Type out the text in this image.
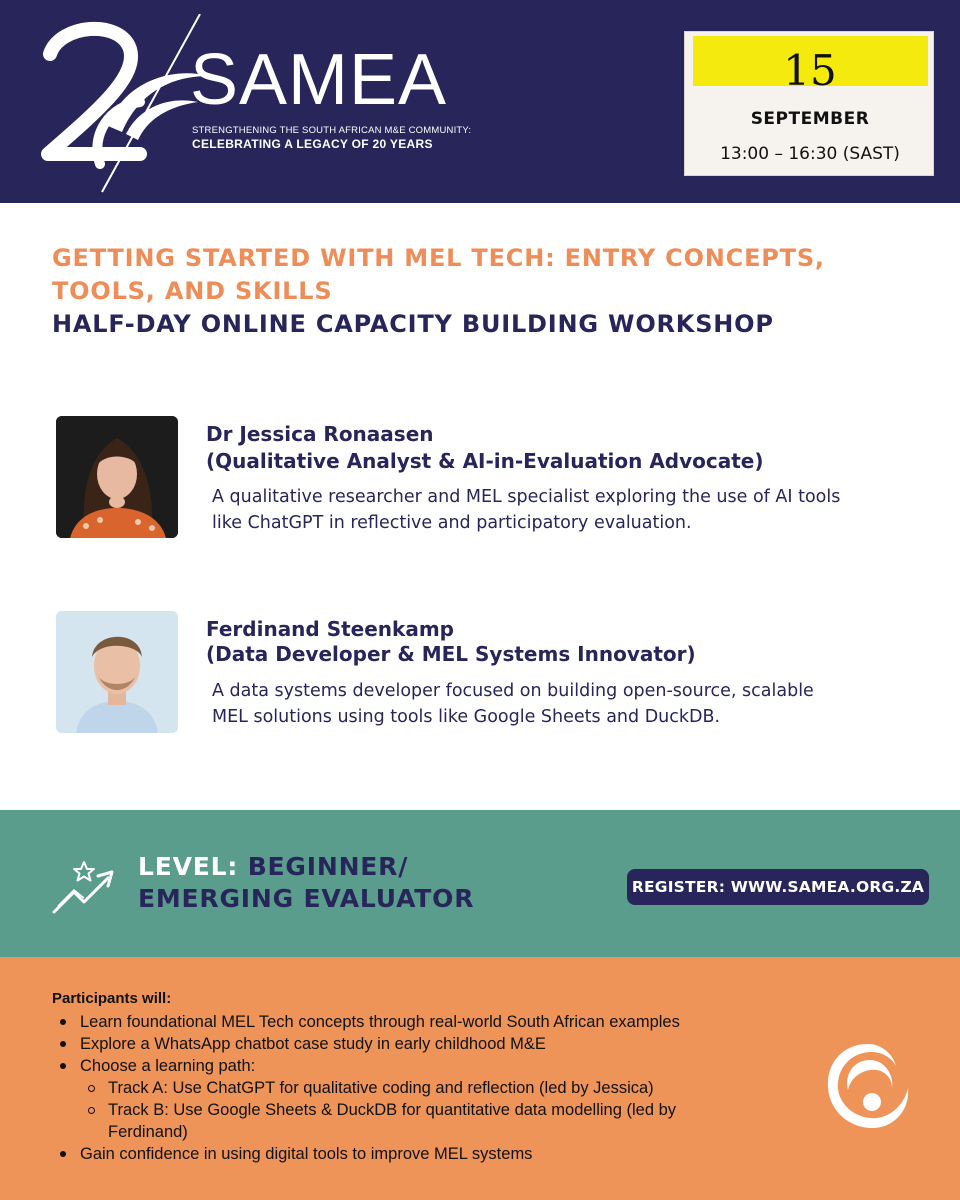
SAMEA
STRENGTHENING THE SOUTH AFRICAN M&E COMMUNITY:
CELEBRATING A LEGACY OF 20 YEARS
15
SEPTEMBER
13:00 – 16:30 (SAST)
GETTING STARTED WITH MEL TECH: ENTRY CONCEPTS,
TOOLS, AND SKILLS
HALF-DAY ONLINE CAPACITY BUILDING WORKSHOP
Dr Jessica Ronaasen
(Qualitative Analyst & AI-in-Evaluation Advocate)
A qualitative researcher and MEL specialist exploring the use of AI tools
like ChatGPT in reflective and participatory evaluation.
Ferdinand Steenkamp
(Data Developer & MEL Systems Innovator)
A data systems developer focused on building open-source, scalable
MEL solutions using tools like Google Sheets and DuckDB.
LEVEL: BEGINNER/
EMERGING EVALUATOR	REGISTER: WWW.SAMEA.ORG.ZA
Participants will:
Learn foundational MEL Tech concepts through real-world South African examples
Explore a WhatsApp chatbot case study in early childhood M&E
Choose a learning path:
Track A: Use ChatGPT for qualitative coding and reflection (led by Jessica)
Track B: Use Google Sheets & DuckDB for quantitative data modelling (led by
Ferdinand)
Gain confidence in using digital tools to improve MEL systems
